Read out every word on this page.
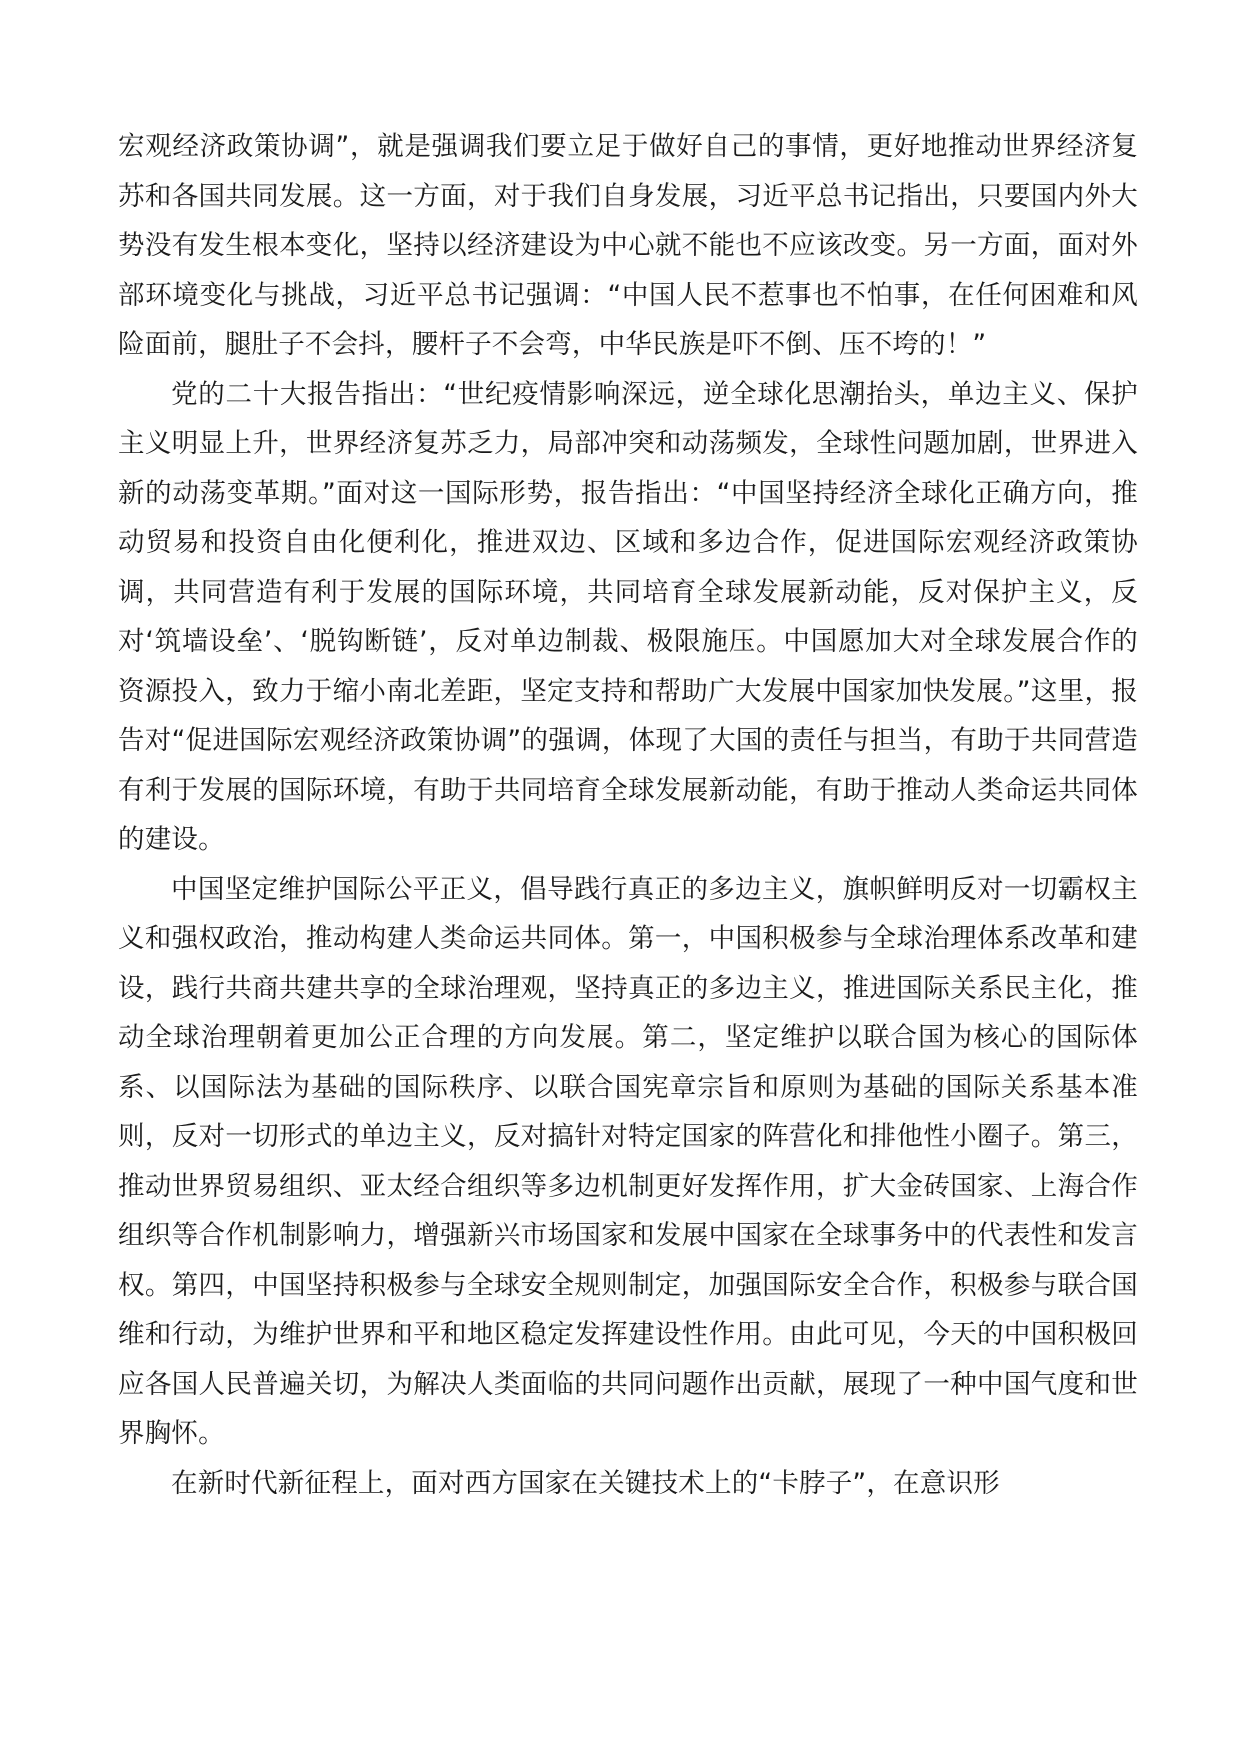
宏观经济政策协调”，就是强调我们要立足于做好自己的事情，更好地推动世界经济复苏和各国共同发展。这一方面，对于我们自身发展，习近平总书记指出，只要国内外大势没有发生根本变化，坚持以经济建设为中心就不能也不应该改变。另一方面，面对外部环境变化与挑战，习近平总书记强调：“中国人民不惹事也不怕事，在任何困难和风险面前，腿肚子不会抖，腰杆子不会弯，中华民族是吓不倒、压不垮的！”

党的二十大报告指出：“世纪疫情影响深远，逆全球化思潮抬头，单边主义、保护主义明显上升，世界经济复苏乏力，局部冲突和动荡频发，全球性问题加剧，世界进入新的动荡变革期。”面对这一国际形势，报告指出：“中国坚持经济全球化正确方向，推动贸易和投资自由化便利化，推进双边、区域和多边合作，促进国际宏观经济政策协调，共同营造有利于发展的国际环境，共同培育全球发展新动能，反对保护主义，反对‘筑墙设垒’、‘脱钩断链’，反对单边制裁、极限施压。中国愿加大对全球发展合作的资源投入，致力于缩小南北差距，坚定支持和帮助广大发展中国家加快发展。”这里，报告对“促进国际宏观经济政策协调”的强调，体现了大国的责任与担当，有助于共同营造有利于发展的国际环境，有助于共同培育全球发展新动能，有助于推动人类命运共同体的建设。

中国坚定维护国际公平正义，倡导践行真正的多边主义，旗帜鲜明反对一切霸权主义和强权政治，推动构建人类命运共同体。第一，中国积极参与全球治理体系改革和建设，践行共商共建共享的全球治理观，坚持真正的多边主义，推进国际关系民主化，推动全球治理朝着更加公正合理的方向发展。第二，坚定维护以联合国为核心的国际体系、以国际法为基础的国际秩序、以联合国宪章宗旨和原则为基础的国际关系基本准则，反对一切形式的单边主义，反对搞针对特定国家的阵营化和排他性小圈子。第三，推动世界贸易组织、亚太经合组织等多边机制更好发挥作用，扩大金砖国家、上海合作组织等合作机制影响力，增强新兴市场国家和发展中国家在全球事务中的代表性和发言权。第四，中国坚持积极参与全球安全规则制定，加强国际安全合作，积极参与联合国维和行动，为维护世界和平和地区稳定发挥建设性作用。由此可见，今天的中国积极回应各国人民普遍关切，为解决人类面临的共同问题作出贡献，展现了一种中国气度和世界胸怀。

在新时代新征程上，面对西方国家在关键技术上的“卡脖子”，在意识形
